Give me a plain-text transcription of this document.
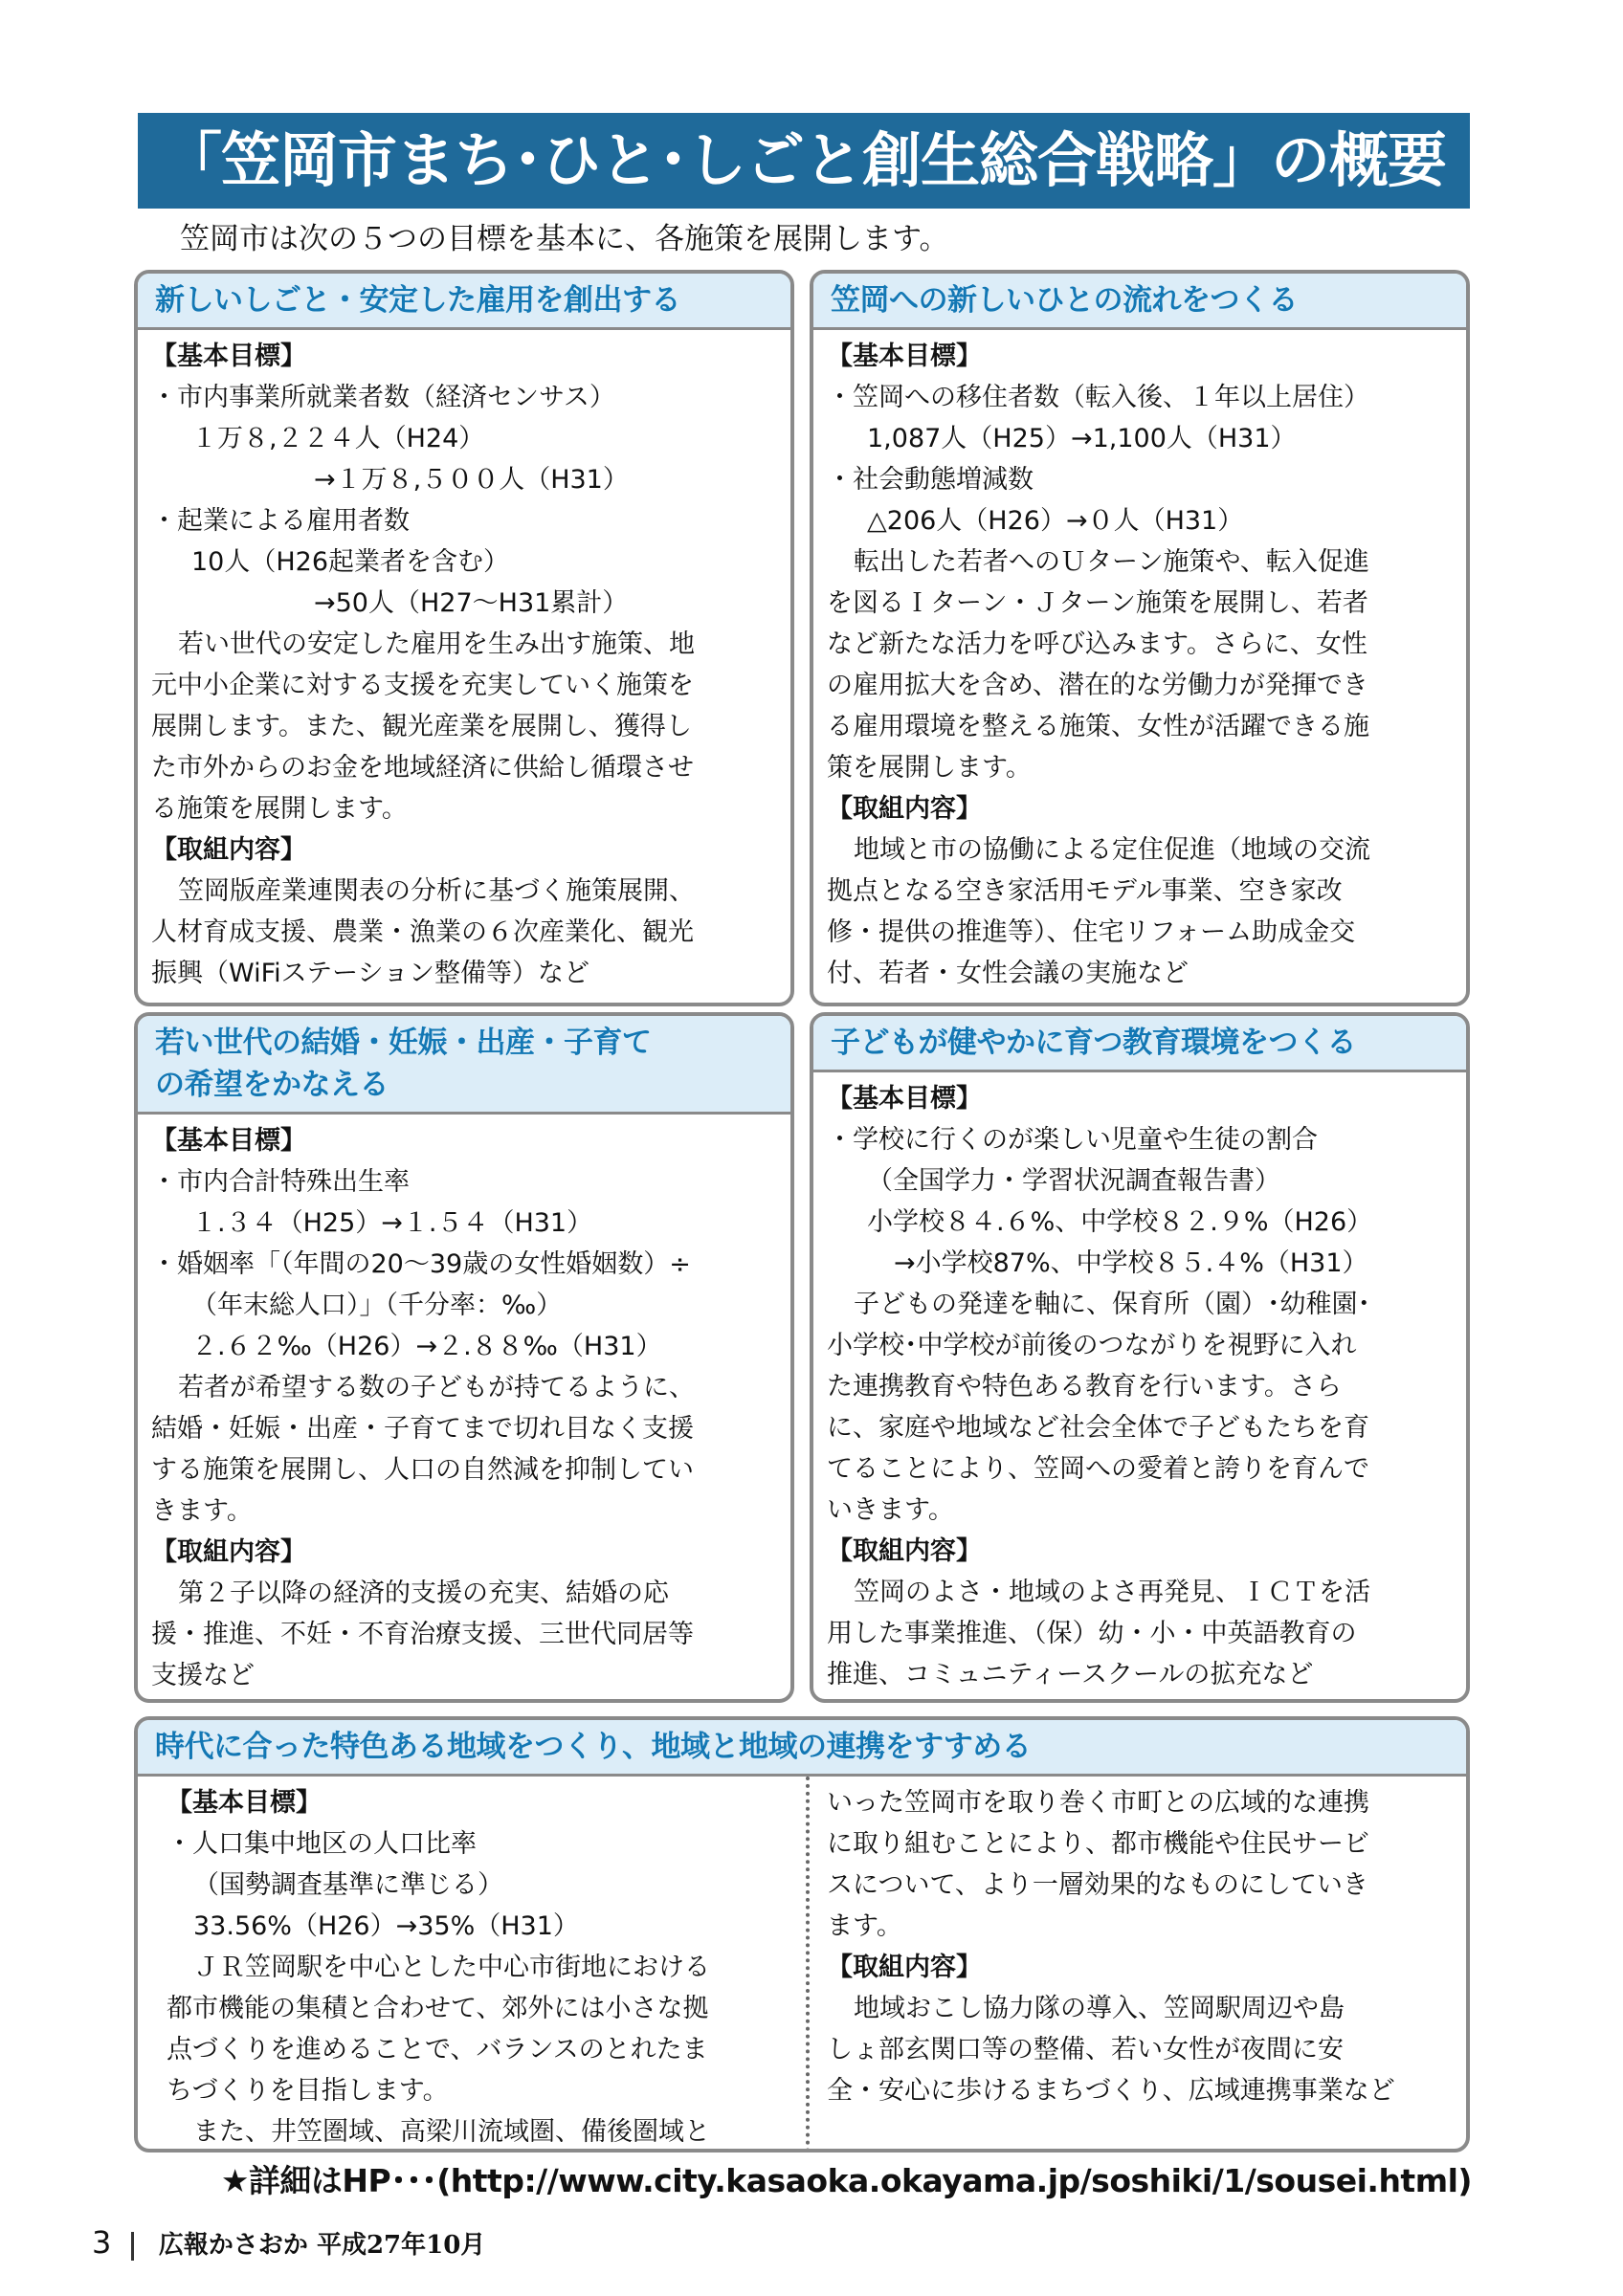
「笠岡市まち･ひと･しごと創生総合戦略」の概要
笠岡市は次の５つの目標を基本に、各施策を展開します。
新しいしごと・安定した雇用を創出する
【基本目標】
・市内事業所就業者数（経済センサス）
１万８,２２４人（H24）
→１万８,５００人（H31）
・起業による雇用者数
10人（H26起業者を含む）
→50人（H27〜H31累計）
若い世代の安定した雇用を生み出す施策、地
元中小企業に対する支援を充実していく施策を
展開します。また、観光産業を展開し、獲得し
た市外からのお金を地域経済に供給し循環させ
る施策を展開します。
【取組内容】
笠岡版産業連関表の分析に基づく施策展開、
人材育成支援、農業・漁業の６次産業化、観光
振興（WiFiステーション整備等）など
笠岡への新しいひとの流れをつくる
【基本目標】
・笠岡への移住者数（転入後、１年以上居住）
1,087人（H25）→1,100人（H31）
・社会動態増減数
△206人（H26）→０人（H31）
転出した若者へのＵターン施策や、転入促進
を図るＩターン・Ｊターン施策を展開し、若者
など新たな活力を呼び込みます。さらに、女性
の雇用拡大を含め、潜在的な労働力が発揮でき
る雇用環境を整える施策、女性が活躍できる施
策を展開します。
【取組内容】
地域と市の協働による定住促進（地域の交流
拠点となる空き家活用モデル事業、空き家改
修・提供の推進等）、住宅リフォーム助成金交
付、若者・女性会議の実施など
若い世代の結婚・妊娠・出産・子育て
の希望をかなえる
【基本目標】
・市内合計特殊出生率
１.３４（H25）→１.５４（H31）
・婚姻率「（年間の20〜39歳の女性婚姻数）÷
（年末総人口）」（千分率：‰）
２.６２‰（H26）→２.８８‰（H31）
若者が希望する数の子どもが持てるように、
結婚・妊娠・出産・子育てまで切れ目なく支援
する施策を展開し、人口の自然減を抑制してい
きます。
【取組内容】
第２子以降の経済的支援の充実、結婚の応
援・推進、不妊・不育治療支援、三世代同居等
支援など
子どもが健やかに育つ教育環境をつくる
【基本目標】
・学校に行くのが楽しい児童や生徒の割合
（全国学力・学習状況調査報告書）
小学校８４.６%、中学校８２.９%（H26）
→小学校87%、中学校８５.４%（H31）
子どもの発達を軸に、保育所（園）･幼稚園･
小学校･中学校が前後のつながりを視野に入れ
た連携教育や特色ある教育を行います。さら
に、家庭や地域など社会全体で子どもたちを育
てることにより、笠岡への愛着と誇りを育んで
いきます。
【取組内容】
笠岡のよさ・地域のよさ再発見、ＩＣＴを活
用した事業推進、（保）幼・小・中英語教育の
推進、コミュニティースクールの拡充など
時代に合った特色ある地域をつくり、地域と地域の連携をすすめる
【基本目標】
・人口集中地区の人口比率
（国勢調査基準に準じる）
33.56%（H26）→35%（H31）
ＪＲ笠岡駅を中心とした中心市街地における
都市機能の集積と合わせて、郊外には小さな拠
点づくりを進めることで、バランスのとれたま
ちづくりを目指します。
また、井笠圏域、高梁川流域圏、備後圏域と
いった笠岡市を取り巻く市町との広域的な連携
に取り組むことにより、都市機能や住民サービ
スについて、より一層効果的なものにしていき
ます。
【取組内容】
地域おこし協力隊の導入、笠岡駅周辺や島
しょ部玄関口等の整備、若い女性が夜間に安
全・安心に歩けるまちづくり、広域連携事業など
★詳細はHP･･･(http://www.city.kasaoka.okayama.jp/soshiki/1/sousei.html)
3 広報かさおか 平成27年10月
